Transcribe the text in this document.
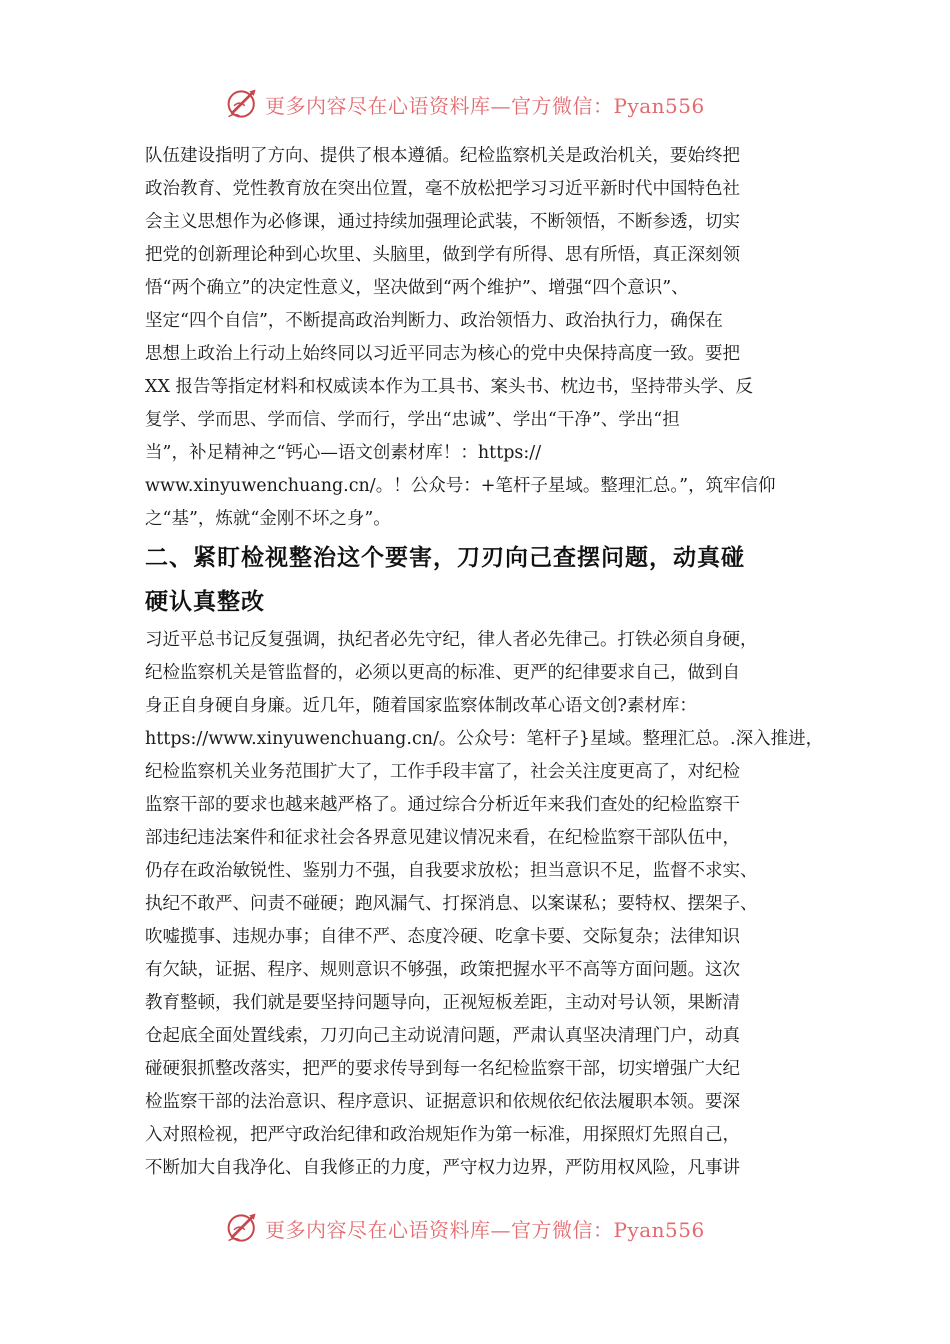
更多内容尽在心语资料库—官方微信：Pyan556
队伍建设指明了方向、提供了根本遵循。纪检监察机关是政治机关，要始终把
政治教育、党性教育放在突出位置，毫不放松把学习习近平新时代中国特色社
会主义思想作为必修课，通过持续加强理论武装，不断领悟，不断参透，切实
把党的创新理论种到心坎里、头脑里，做到学有所得、思有所悟，真正深刻领
悟“两个确立”的决定性意义，坚决做到“两个维护”、增强“四个意识”、
坚定“四个自信”，不断提高政治判断力、政治领悟力、政治执行力，确保在
思想上政治上行动上始终同以习近平同志为核心的党中央保持高度一致。要把
XX 报告等指定材料和权威读本作为工具书、案头书、枕边书，坚持带头学、反
复学、学而思、学而信、学而行，学出“忠诚”、学出“干净”、学出“担
当”，补足精神之“钙心—语文创素材库！：https://
www.xinyuwenchuang.cn/。！公众号：+笔杆子星域。整理汇总。”，筑牢信仰
之“基”，炼就“金刚不坏之身”。
二、紧盯检视整治这个要害，刀刃向己查摆问题，动真碰
硬认真整改
习近平总书记反复强调，执纪者必先守纪，律人者必先律己。打铁必须自身硬，
纪检监察机关是管监督的，必须以更高的标准、更严的纪律要求自己，做到自
身正自身硬自身廉。近几年，随着国家监察体制改革心语文创?素材库：
https://www.xinyuwenchuang.cn/。公众号：笔杆子}星域。整理汇总。.深入推进，
纪检监察机关业务范围扩大了，工作手段丰富了，社会关注度更高了，对纪检
监察干部的要求也越来越严格了。通过综合分析近年来我们查处的纪检监察干
部违纪违法案件和征求社会各界意见建议情况来看，在纪检监察干部队伍中，
仍存在政治敏锐性、鉴别力不强，自我要求放松；担当意识不足，监督不求实、
执纪不敢严、问责不碰硬；跑风漏气、打探消息、以案谋私；要特权、摆架子、
吹嘘揽事、违规办事；自律不严、态度冷硬、吃拿卡要、交际复杂；法律知识
有欠缺，证据、程序、规则意识不够强，政策把握水平不高等方面问题。这次
教育整顿，我们就是要坚持问题导向，正视短板差距，主动对号认领，果断清
仓起底全面处置线索，刀刃向己主动说清问题，严肃认真坚决清理门户，动真
碰硬狠抓整改落实，把严的要求传导到每一名纪检监察干部，切实增强广大纪
检监察干部的法治意识、程序意识、证据意识和依规依纪依法履职本领。要深
入对照检视，把严守政治纪律和政治规矩作为第一标准，用探照灯先照自己，
不断加大自我净化、自我修正的力度，严守权力边界，严防用权风险，凡事讲
更多内容尽在心语资料库—官方微信：Pyan556
